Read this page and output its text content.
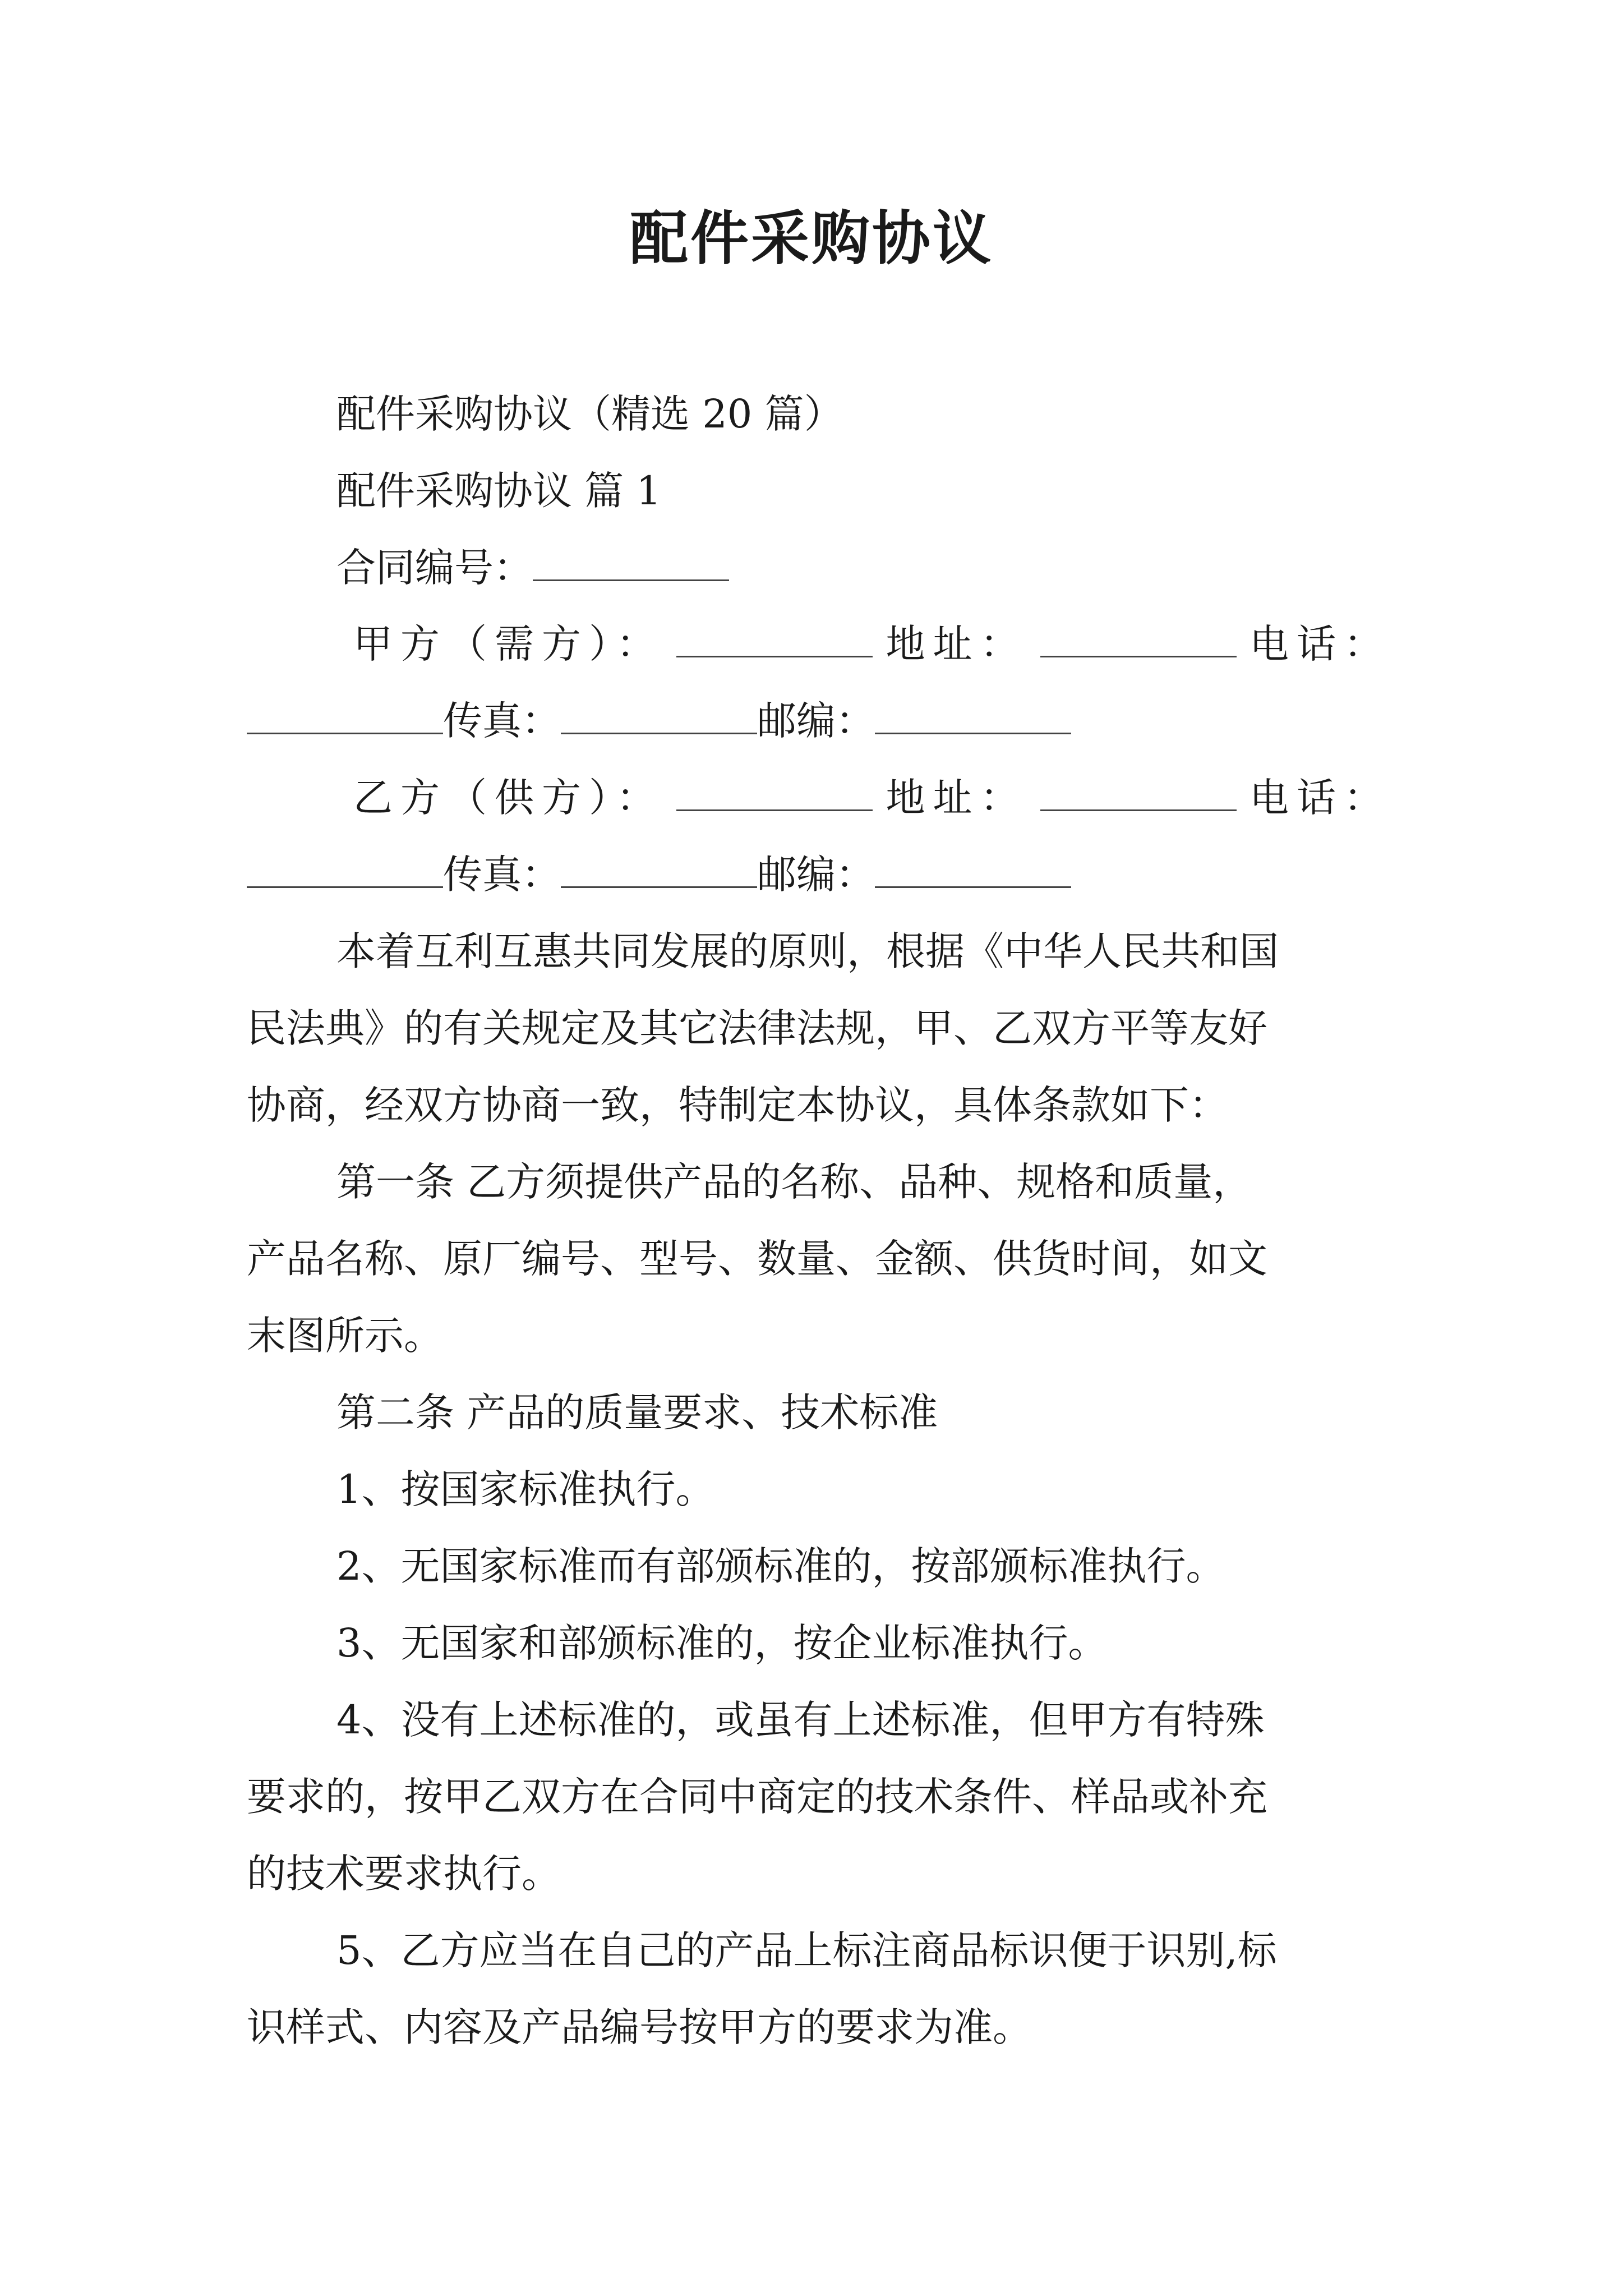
配件采购协议
配件采购协议（精选 20 篇）
配件采购协议 篇 1
合同编号：
甲方（需方）：	地址：	电话：
传真：	邮编：
乙方（供方）：	地址：	电话：
传真：	邮编：
本着互利互惠共同发展的原则，根据《中华人民共和国
民法典》的有关规定及其它法律法规，甲、乙双方平等友好
协商，经双方协商一致，特制定本协议，具体条款如下：
第一条 乙方须提供产品的名称、品种、规格和质量，
产品名称、原厂编号、型号、数量、金额、供货时间，如文
末图所示。
第二条 产品的质量要求、技术标准
1、按国家标准执行。
2、无国家标准而有部颁标准的，按部颁标准执行。
3、无国家和部颁标准的，按企业标准执行。
4、没有上述标准的，或虽有上述标准，但甲方有特殊
要求的，按甲乙双方在合同中商定的技术条件、样品或补充
的技术要求执行。
5、乙方应当在自己的产品上标注商品标识便于识别,标
识样式、内容及产品编号按甲方的要求为准。
